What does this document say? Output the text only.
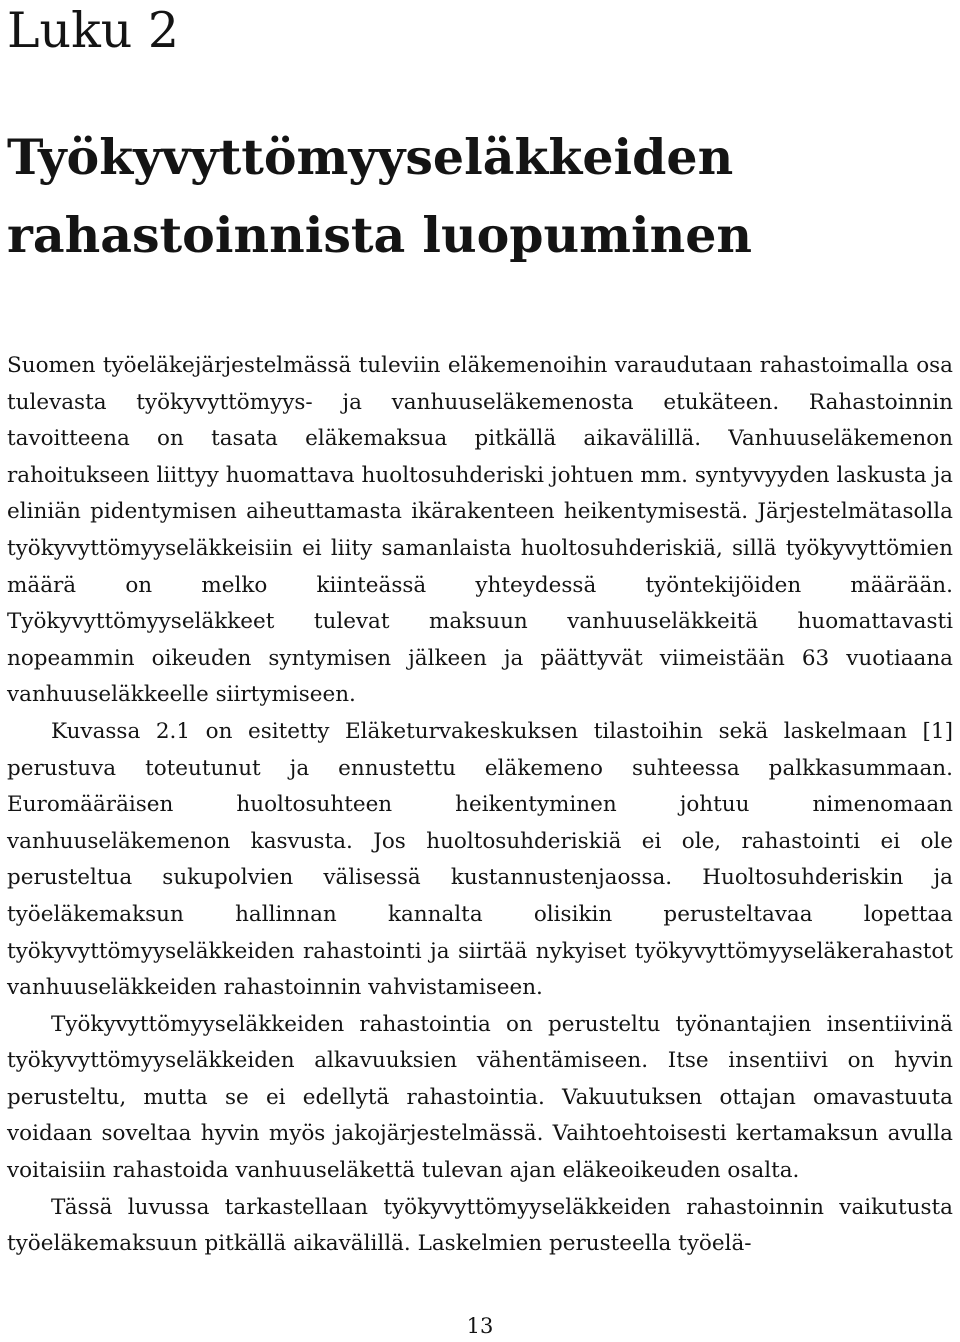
Luku 2
Työkyvyttömyyseläkkeiden
rahastoinnista luopuminen

Suomen työeläkejärjestelmässä tuleviin eläkemenoihin varaudutaan rahastoimalla osa tulevasta työkyvyttömyys- ja vanhuuseläkemenosta etukäteen. Rahastoinnin tavoitteena on tasata eläkemaksua pitkällä aikavälillä. Vanhuuseläkemenon rahoitukseen liittyy huomattava huoltosuhderiski johtuen mm. syntyvyyden laskusta ja eliniän pidentymisen aiheuttamasta ikärakenteen heikentymisestä. Järjestelmätasolla työkyvyttömyyseläkkeisiin ei liity samanlaista huoltosuhderiskiä, sillä työkyvyttömien määrä on melko kiinteässä yhteydessä työntekijöiden määrään. Työkyvyttömyyseläkkeet tulevat maksuun vanhuuseläkkeitä huomattavasti nopeammin oikeuden syntymisen jälkeen ja päättyvät viimeistään 63 vuotiaana vanhuuseläkkeelle siirtymiseen.

Kuvassa 2.1 on esitetty Eläketurvakeskuksen tilastoihin sekä laskelmaan [1] perustuva toteutunut ja ennustettu eläkemeno suhteessa palkkasummaan. Euromääräisen huoltosuhteen heikentyminen johtuu nimenomaan vanhuuseläkemenon kasvusta. Jos huoltosuhderiskiä ei ole, rahastointi ei ole perusteltua sukupolvien välisessä kustannustenjaossa. Huoltosuhderiskin ja työeläkemaksun hallinnan kannalta olisikin perusteltavaa lopettaa työkyvyttömyyseläkkeiden rahastointi ja siirtää nykyiset työkyvyttömyyseläkerahastot vanhuuseläkkeiden rahastoinnin vahvistamiseen.

Työkyvyttömyyseläkkeiden rahastointia on perusteltu työnantajien insentiivinä työkyvyttömyyseläkkeiden alkavuuksien vähentämiseen. Itse insentiivi on hyvin perusteltu, mutta se ei edellytä rahastointia. Vakuutuksen ottajan omavastuuta voidaan soveltaa hyvin myös jakojärjestelmässä. Vaihtoehtoisesti kertamaksun avulla voitaisiin rahastoida vanhuuseläkettä tulevan ajan eläkeoikeuden osalta.

Tässä luvussa tarkastellaan työkyvyttömyyseläkkeiden rahastoinnin vaikutusta työeläkemaksuun pitkällä aikavälillä. Laskelmien perusteella työelä-

13
